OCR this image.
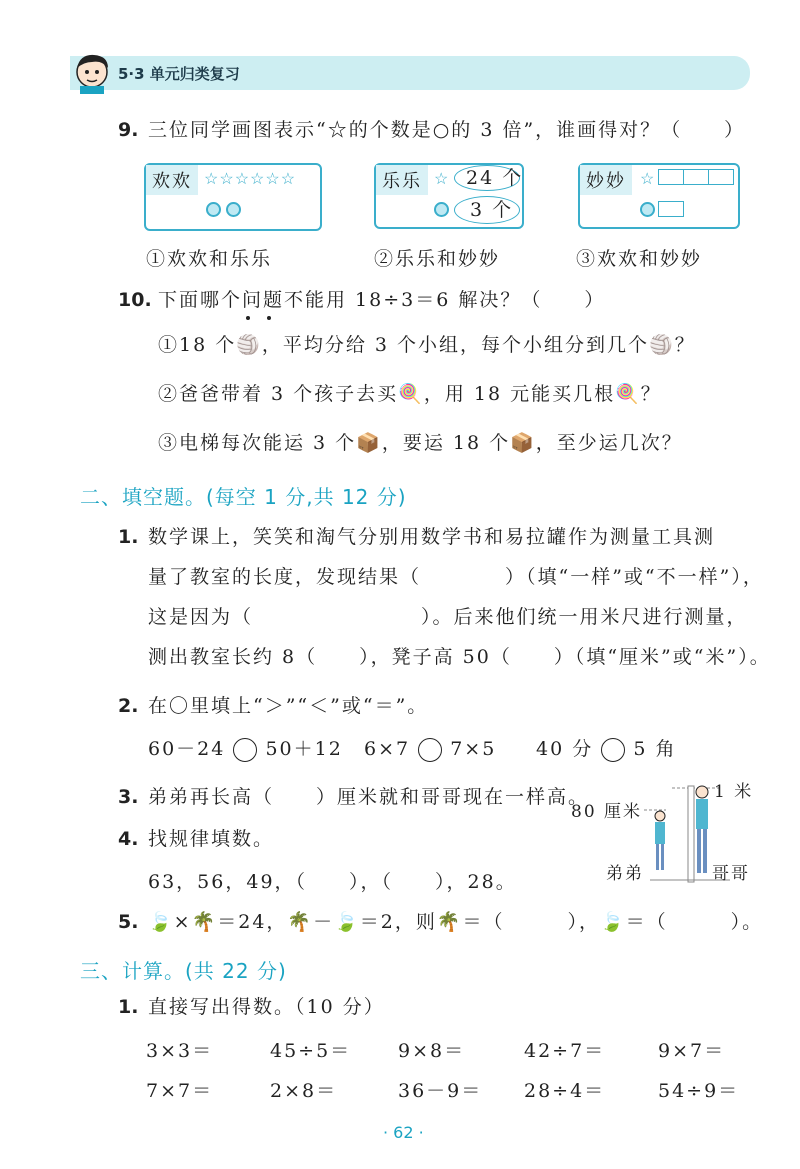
5·3 单元归类复习
9. 三位同学画图表示“☆的个数是○的 3 倍”，谁画得对？（　　）
欢欢 ☆☆☆☆☆☆
	乐乐 ☆ 24 个
3 个
妙妙 ☆
①欢欢和乐乐	②乐乐和妙妙	③欢欢和妙妙
10. 下面哪个问题不能用 18÷3＝6 解决？（　　）
①18 个🏐，平均分给 3 个小组，每个小组分到几个🏐？
②爸爸带着 3 个孩子去买🍭，用 18 元能买几根🍭？
③电梯每次能运 3 个📦，要运 18 个📦，至少运几次？
二、填空题。(每空 1 分,共 12 分)
1. 数学课上，笑笑和淘气分别用数学书和易拉罐作为测量工具测
量了教室的长度，发现结果（　　　　）（填“一样”或“不一样”），
这是因为（　　　　　　　　）。后来他们统一用米尺进行测量，
测出教室长约 8（　　），凳子高 50（　　）（填“厘米”或“米”）。
2. 在〇里填上“＞”“＜”或“＝”。
60－24 50＋12 6×7 7×5 40 分 5 角
3. 弟弟再长高（　　）厘米就和哥哥现在一样高。
4. 找规律填数。
63，56，49，（　　），（　　），28。
5. 🍃×🌴＝24，🌴－🍃＝2，则🌴＝（　　　），🍃＝（　　　）。
1 米
80 厘米
弟弟	哥哥
三、计算。(共 22 分)
1. 直接写出得数。（10 分）
3×3＝	45÷5＝ 9×8＝	42÷7＝	9×7＝
7×7＝	2×8＝	36－9＝ 28÷4＝	54÷9＝
· 62 ·
